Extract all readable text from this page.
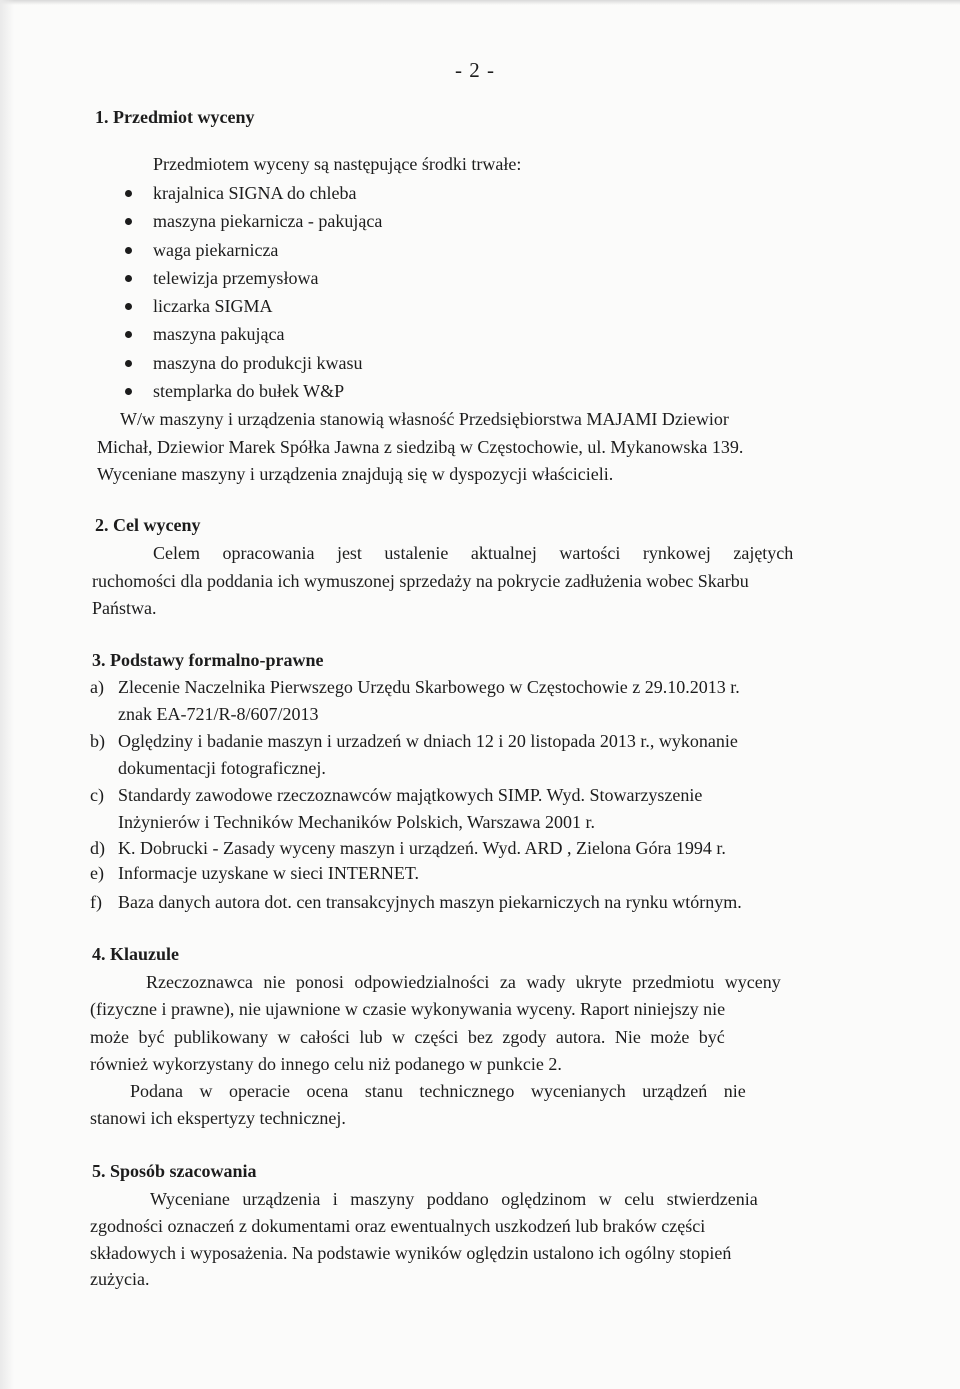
- 2 -
1. Przedmiot wyceny
Przedmiotem wyceny są następujące środki trwałe:
krajalnica SIGNA do chleba
maszyna piekarnicza - pakująca
waga piekarnicza
telewizja przemysłowa
liczarka SIGMA
maszyna pakująca
maszyna do produkcji kwasu
stemplarka do bułek W&P
W/w maszyny i urządzenia stanowią własność Przedsiębiorstwa MAJAMI Dziewior
Michał, Dziewior Marek Spółka Jawna z siedzibą w Częstochowie, ul. Mykanowska 139.
Wyceniane maszyny i urządzenia znajdują się w dyspozycji właścicieli.
2. Cel wyceny
Celem opracowania jest ustalenie aktualnej wartości rynkowej zajętych
ruchomości dla poddania ich wymuszonej sprzedaży na pokrycie zadłużenia wobec Skarbu
Państwa.
3. Podstawy formalno-prawne
a) Zlecenie Naczelnika Pierwszego Urzędu Skarbowego w Częstochowie z 29.10.2013 r.
znak EA-721/R-8/607/2013
b) Oględziny i badanie maszyn i urzadzeń w dniach 12 i 20 listopada 2013 r., wykonanie
dokumentacji fotograficznej.
c) Standardy zawodowe rzeczoznawców majątkowych SIMP. Wyd. Stowarzyszenie
Inżynierów i Techników Mechaników Polskich, Warszawa 2001 r.
d) K. Dobrucki - Zasady wyceny maszyn i urządzeń. Wyd. ARD , Zielona Góra 1994 r.
e) Informacje uzyskane w sieci INTERNET.
f) Baza danych autora dot. cen transakcyjnych maszyn piekarniczych na rynku wtórnym.
4. Klauzule
Rzeczoznawca nie ponosi odpowiedzialności za wady ukryte przedmiotu wyceny
(fizyczne i prawne), nie ujawnione w czasie wykonywania wyceny. Raport niniejszy nie
może być publikowany w całości lub w części bez zgody autora. Nie może być
również wykorzystany do innego celu niż podanego w punkcie 2.
Podana w operacie ocena stanu technicznego wycenianych urządzeń nie
stanowi ich ekspertyzy technicznej.
5. Sposób szacowania
Wyceniane urządzenia i maszyny poddano oględzinom w celu stwierdzenia
zgodności oznaczeń z dokumentami oraz ewentualnych uszkodzeń lub braków części
składowych i wyposażenia. Na podstawie wyników oględzin ustalono ich ogólny stopień
zużycia.
